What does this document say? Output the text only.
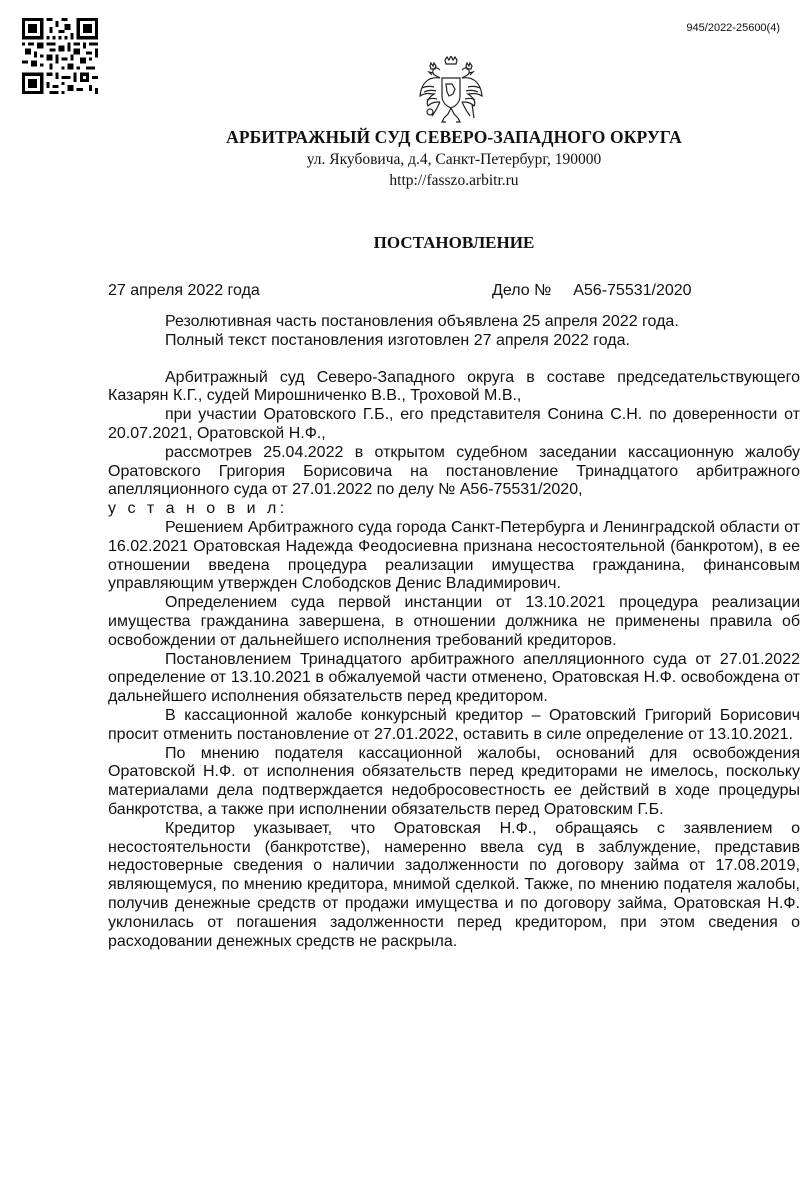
945/2022-25600(4)
АРБИТРАЖНЫЙ СУД СЕВЕРО-ЗАПАДНОГО ОКРУГА
ул. Якубовича, д.4, Санкт-Петербург, 190000
http://fasszo.arbitr.ru
ПОСТАНОВЛЕНИЕ
27 апреля 2022 года	Дело № А56-75531/2020

Резолютивная часть постановления объявлена 25 апреля 2022 года.

Полный текст постановления изготовлен 27 апреля 2022 года.

Арбитражный суд Северо-Западного округа в составе председательствующего Казарян К.Г., судей Мирошниченко В.В., Троховой М.В.,

при участии Оратовского Г.Б., его представителя Сонина С.Н. по доверенности от 20.07.2021, Оратовской Н.Ф.,

рассмотрев 25.04.2022 в открытом судебном заседании кассационную жалобу Оратовского Григория Борисовича на постановление Тринадцатого арбитражного апелляционного суда от 27.01.2022 по делу № А56-75531/2020,

у с т а н о в и л:

Решением Арбитражного суда города Санкт-Петербурга и Ленинградской области от 16.02.2021 Оратовская Надежда Феодосиевна признана несостоятельной (банкротом), в ее отношении введена процедура реализации имущества гражданина, финансовым управляющим утвержден Слободсков Денис Владимирович.

Определением суда первой инстанции от 13.10.2021 процедура реализации имущества гражданина завершена, в отношении должника не применены правила об освобождении от дальнейшего исполнения требований кредиторов.

Постановлением Тринадцатого арбитражного апелляционного суда от 27.01.2022 определение от 13.10.2021 в обжалуемой части отменено, Оратовская Н.Ф. освобождена от дальнейшего исполнения обязательств перед кредитором.

В кассационной жалобе конкурсный кредитор – Оратовский Григорий Борисович просит отменить постановление от 27.01.2022, оставить в силе определение от 13.10.2021.

По мнению подателя кассационной жалобы, оснований для освобождения Оратовской Н.Ф. от исполнения обязательств перед кредиторами не имелось, поскольку материалами дела подтверждается недобросовестность ее действий в ходе процедуры банкротства, а также при исполнении обязательств перед Оратовским Г.Б.

Кредитор указывает, что Оратовская Н.Ф., обращаясь с заявлением о несостоятельности (банкротстве), намеренно ввела суд в заблуждение, представив недостоверные сведения о наличии задолженности по договору займа от 17.08.2019, являющемуся, по мнению кредитора, мнимой сделкой. Также, по мнению подателя жалобы, получив денежные средств от продажи имущества и по договору займа, Оратовская Н.Ф. уклонилась от погашения задолженности перед кредитором, при этом сведения о расходовании денежных средств не раскрыла.
